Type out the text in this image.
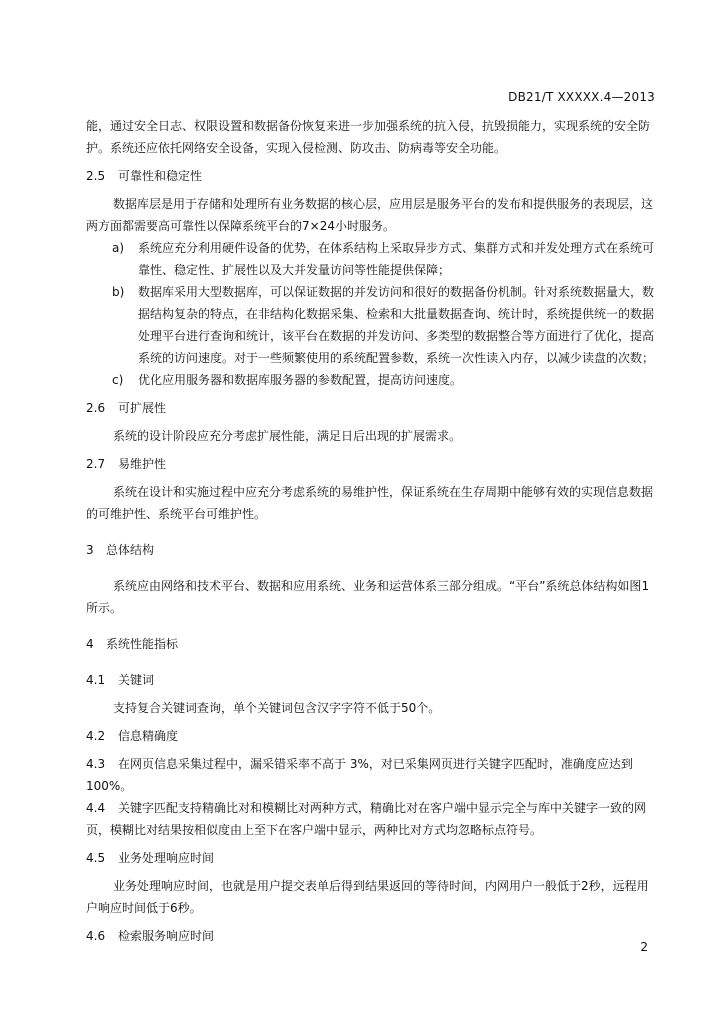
DB21/T XXXXX.4—2013

能，通过安全日志、权限设置和数据备份恢复来进一步加强系统的抗入侵，抗毁损能力，实现系统的安全防护。系统还应依托网络安全设备，实现入侵检测、防攻击、防病毒等安全功能。

2.5 可靠性和稳定性

数据库层是用于存储和处理所有业务数据的核心层，应用层是服务平台的发布和提供服务的表现层，这两方面都需要高可靠性以保障系统平台的7×24小时服务。

a) 系统应充分利用硬件设备的优势，在体系结构上采取异步方式、集群方式和并发处理方式在系统可靠性、稳定性、扩展性以及大并发量访问等性能提供保障；
b) 数据库采用大型数据库，可以保证数据的并发访问和很好的数据备份机制。针对系统数据量大，数据结构复杂的特点，在非结构化数据采集、检索和大批量数据查询、统计时，系统提供统一的数据处理平台进行查询和统计，该平台在数据的并发访问、多类型的数据整合等方面进行了优化，提高系统的访问速度。对于一些频繁使用的系统配置参数，系统一次性读入内存，以减少读盘的次数；
c) 优化应用服务器和数据库服务器的参数配置，提高访问速度。

2.6 可扩展性

系统的设计阶段应充分考虑扩展性能，满足日后出现的扩展需求。

2.7 易维护性

系统在设计和实施过程中应充分考虑系统的易维护性，保证系统在生存周期中能够有效的实现信息数据的可维护性、系统平台可维护性。

3 总体结构

系统应由网络和技术平台、数据和应用系统、业务和运营体系三部分组成。“平台”系统总体结构如图1所示。

4 系统性能指标

4.1 关键词

支持复合关键词查询，单个关键词包含汉字字符不低于50个。

4.2 信息精确度

4.3 在网页信息采集过程中，漏采错采率不高于 3%，对已采集网页进行关键字匹配时，准确度应达到 100%。

4.4 关键字匹配支持精确比对和模糊比对两种方式，精确比对在客户端中显示完全与库中关键字一致的网页，模糊比对结果按相似度由上至下在客户端中显示，两种比对方式均忽略标点符号。

4.5 业务处理响应时间

业务处理响应时间，也就是用户提交表单后得到结果返回的等待时间，内网用户一般低于2秒，远程用户响应时间低于6秒。

4.6 检索服务响应时间

2
